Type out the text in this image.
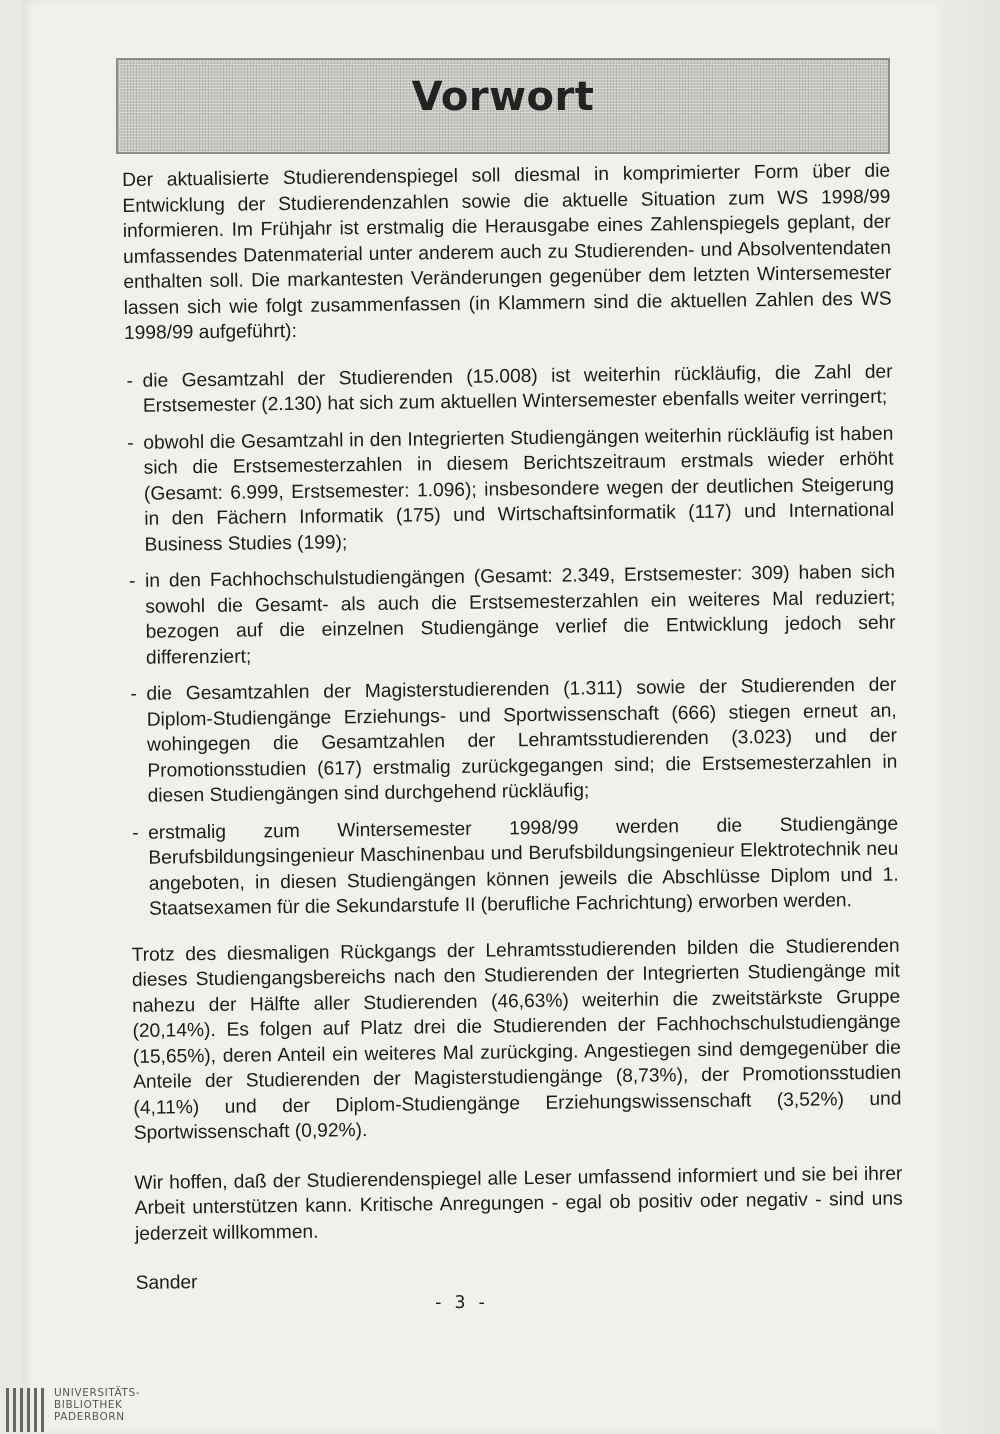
Vorwort

Der aktualisierte Studierendenspiegel soll diesmal in komprimierter Form über die Entwicklung der Studierendenzahlen sowie die aktuelle Situation zum WS 1998/99 informieren. Im Frühjahr ist erstmalig die Herausgabe eines Zahlenspiegels geplant, der umfassendes Datenmaterial unter anderem auch zu Studierenden- und Absolventendaten enthalten soll. Die markantesten Veränderungen gegenüber dem letzten Wintersemester lassen sich wie folgt zusammenfassen (in Klammern sind die aktuellen Zahlen des WS 1998/99 aufgeführt):

- die Gesamtzahl der Studierenden (15.008) ist weiterhin rückläufig, die Zahl der Erstsemester (2.130) hat sich zum aktuellen Wintersemester ebenfalls weiter verringert;
- obwohl die Gesamtzahl in den Integrierten Studiengängen weiterhin rückläufig ist haben sich die Erstsemesterzahlen in diesem Berichtszeitraum erstmals wieder erhöht (Gesamt: 6.999, Erstsemester: 1.096); insbesondere wegen der deutlichen Steigerung in den Fächern Informatik (175) und Wirtschaftsinformatik (117) und International Business Studies (199);
- in den Fachhochschulstudiengängen (Gesamt: 2.349, Erstsemester: 309) haben sich sowohl die Gesamt- als auch die Erstsemesterzahlen ein weiteres Mal reduziert; bezogen auf die einzelnen Studiengänge verlief die Entwicklung jedoch sehr differenziert;
- die Gesamtzahlen der Magisterstudierenden (1.311) sowie der Studierenden der Diplom-Studiengänge Erziehungs- und Sportwissenschaft (666) stiegen erneut an, wohingegen die Gesamtzahlen der Lehramtsstudierenden (3.023) und der Promotionsstudien (617) erstmalig zurückgegangen sind; die Erstsemesterzahlen in diesen Studiengängen sind durchgehend rückläufig;
- erstmalig zum Wintersemester 1998/99 werden die Studiengänge Berufsbildungsingenieur Maschinenbau und Berufsbildungsingenieur Elektrotechnik neu angeboten, in diesen Studiengängen können jeweils die Abschlüsse Diplom und 1. Staatsexamen für die Sekundarstufe II (berufliche Fachrichtung) erworben werden.

Trotz des diesmaligen Rückgangs der Lehramtsstudierenden bilden die Studierenden dieses Studiengangsbereichs nach den Studierenden der Integrierten Studiengänge mit nahezu der Hälfte aller Studierenden (46,63%) weiterhin die zweitstärkste Gruppe (20,14%). Es folgen auf Platz drei die Studierenden der Fachhochschulstudiengänge (15,65%), deren Anteil ein weiteres Mal zurückging. Angestiegen sind demgegenüber die Anteile der Studierenden der Magisterstudiengänge (8,73%), der Promotionsstudien (4,11%) und der Diplom-Studiengänge Erziehungswissenschaft (3,52%) und Sportwissenschaft (0,92%).

Wir hoffen, daß der Studierendenspiegel alle Leser umfassend informiert und sie bei ihrer Arbeit unterstützen kann. Kritische Anregungen - egal ob positiv oder negativ - sind uns jederzeit willkommen.

Sander

- 3 -
UNIVERSITÄTS-
BIBLIOTHEK
PADERBORN
